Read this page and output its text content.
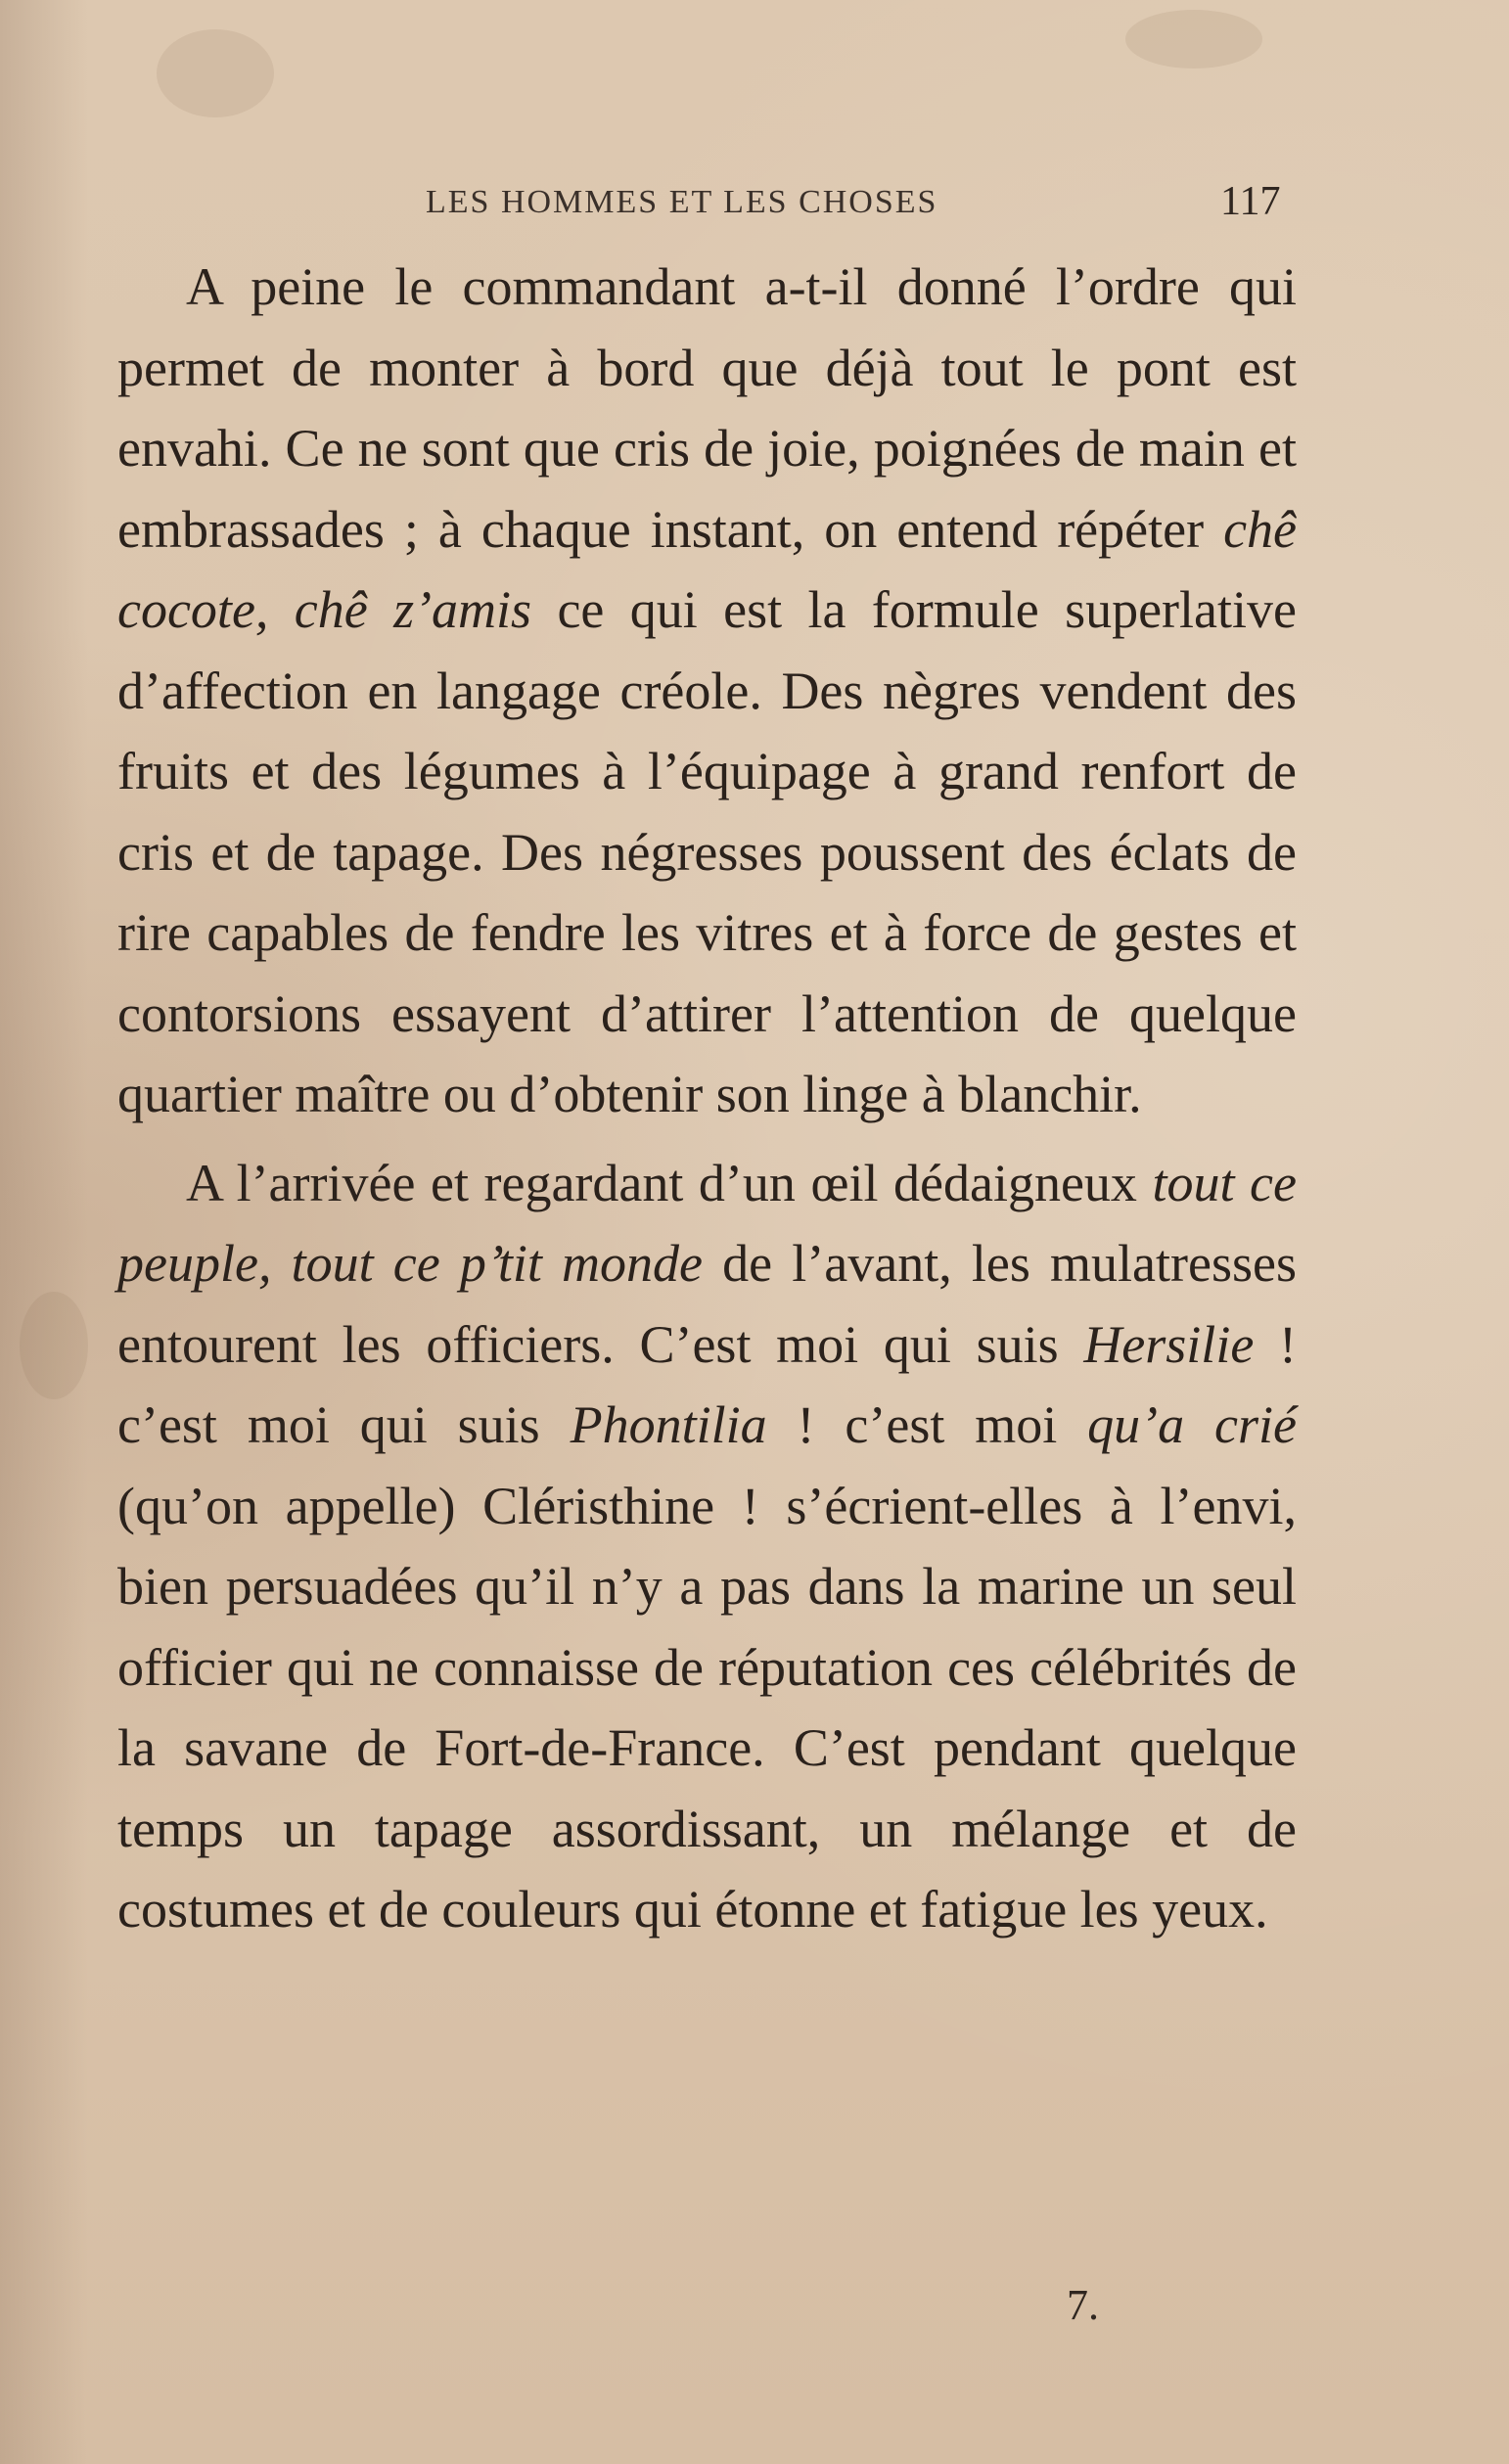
LES HOMMES ET LES CHOSES	117

A peine le commandant a-t-il donné l’ordre qui permet de monter à bord que déjà tout le pont est envahi. Ce ne sont que cris de joie, poignées de main et embrassades ; à chaque instant, on entend répéter chê cocote, chê z’amis ce qui est la formule superlative d’affection en langage créole. Des nègres vendent des fruits et des légumes à l’équipage à grand renfort de cris et de tapage. Des négresses poussent des éclats de rire capables de fendre les vitres et à force de gestes et contorsions essayent d’attirer l’attention de quelque quartier maître ou d’obtenir son linge à blanchir.

A l’arrivée et regardant d’un œil dédaigneux tout ce peuple, tout ce p’tit monde de l’avant, les mulatresses entourent les officiers. C’est moi qui suis Hersilie ! c’est moi qui suis Phontilia ! c’est moi qu’a crié (qu’on appelle) Cléristhine ! s’écrient-elles à l’envi, bien persuadées qu’il n’y a pas dans la marine un seul officier qui ne connaisse de réputation ces célébrités de la savane de Fort-de-France. C’est pendant quelque temps un tapage assordissant, un mélange et de costumes et de couleurs qui étonne et fatigue les yeux.

7.
